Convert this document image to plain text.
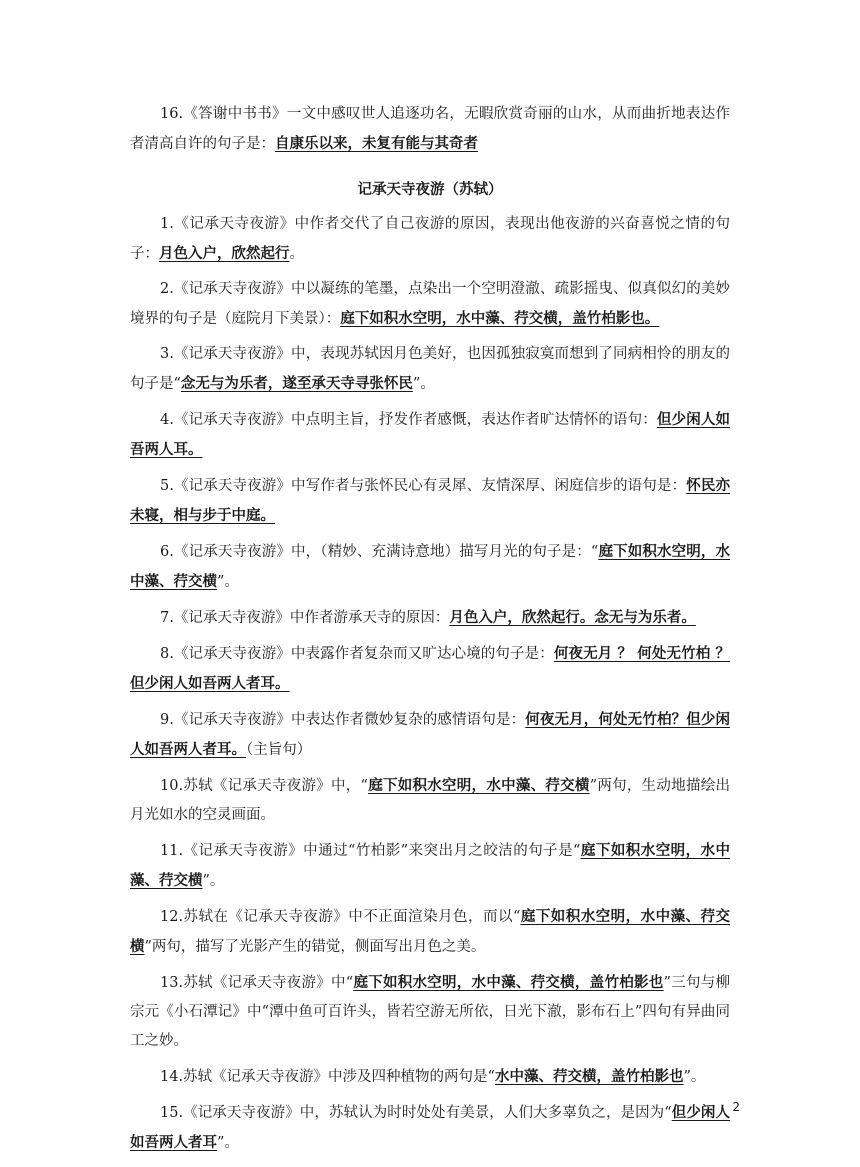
16.《答谢中书书》一文中感叹世人追逐功名，无暇欣赏奇丽的山水，从而曲折地表达作者清高自许的句子是：自康乐以来，未复有能与其奇者

记承天寺夜游（苏轼）

1.《记承天寺夜游》中作者交代了自己夜游的原因，表现出他夜游的兴奋喜悦之情的句子：月色入户，欣然起行。

2.《记承天寺夜游》中以凝练的笔墨，点染出一个空明澄澈、疏影摇曳、似真似幻的美妙境界的句子是（庭院月下美景）：庭下如积水空明，水中藻、荇交横，盖竹柏影也。

3.《记承天寺夜游》中，表现苏轼因月色美好，也因孤独寂寞而想到了同病相怜的朋友的句子是“念无与为乐者，遂至承天寺寻张怀民”。

4.《记承天寺夜游》中点明主旨，抒发作者感慨，表达作者旷达情怀的语句：但少闲人如吾两人耳。

5.《记承天寺夜游》中写作者与张怀民心有灵犀、友情深厚、闲庭信步的语句是：怀民亦未寝，相与步于中庭。

6.《记承天寺夜游》中，（精妙、充满诗意地）描写月光的句子是：“庭下如积水空明，水中藻、荇交横”。

7.《记承天寺夜游》中作者游承天寺的原因：月色入户，欣然起行。念无与为乐者。

8.《记承天寺夜游》中表露作者复杂而又旷达心境的句子是：何夜无月 ？ 何处无竹柏 ？ 但少闲人如吾两人者耳。

9.《记承天寺夜游》中表达作者微妙复杂的感情语句是：何夜无月，何处无竹柏？但少闲人如吾两人者耳。（主旨句）

10.苏轼《记承天寺夜游》中，“庭下如积水空明，水中藻、荇交横”两句，生动地描绘出月光如水的空灵画面。

11.《记承天寺夜游》中通过“竹柏影”来突出月之皎洁的句子是“庭下如积水空明，水中藻、荇交横”。

12.苏轼在《记承天寺夜游》中不正面渲染月色，而以“庭下如积水空明，水中藻、荇交横”两句，描写了光影产生的错觉，侧面写出月色之美。

13.苏轼《记承天寺夜游》中“庭下如积水空明，水中藻、荇交横，盖竹柏影也”三句与柳宗元《小石潭记》中“潭中鱼可百许头，皆若空游无所依，日光下澈，影布石上”四句有异曲同工之妙。

14.苏轼《记承天寺夜游》中涉及四种植物的两句是“水中藻、荇交横，盖竹柏影也”。

15.《记承天寺夜游》中，苏轼认为时时处处有美景，人们大多辜负之，是因为“但少闲人如吾两人者耳”。

2
